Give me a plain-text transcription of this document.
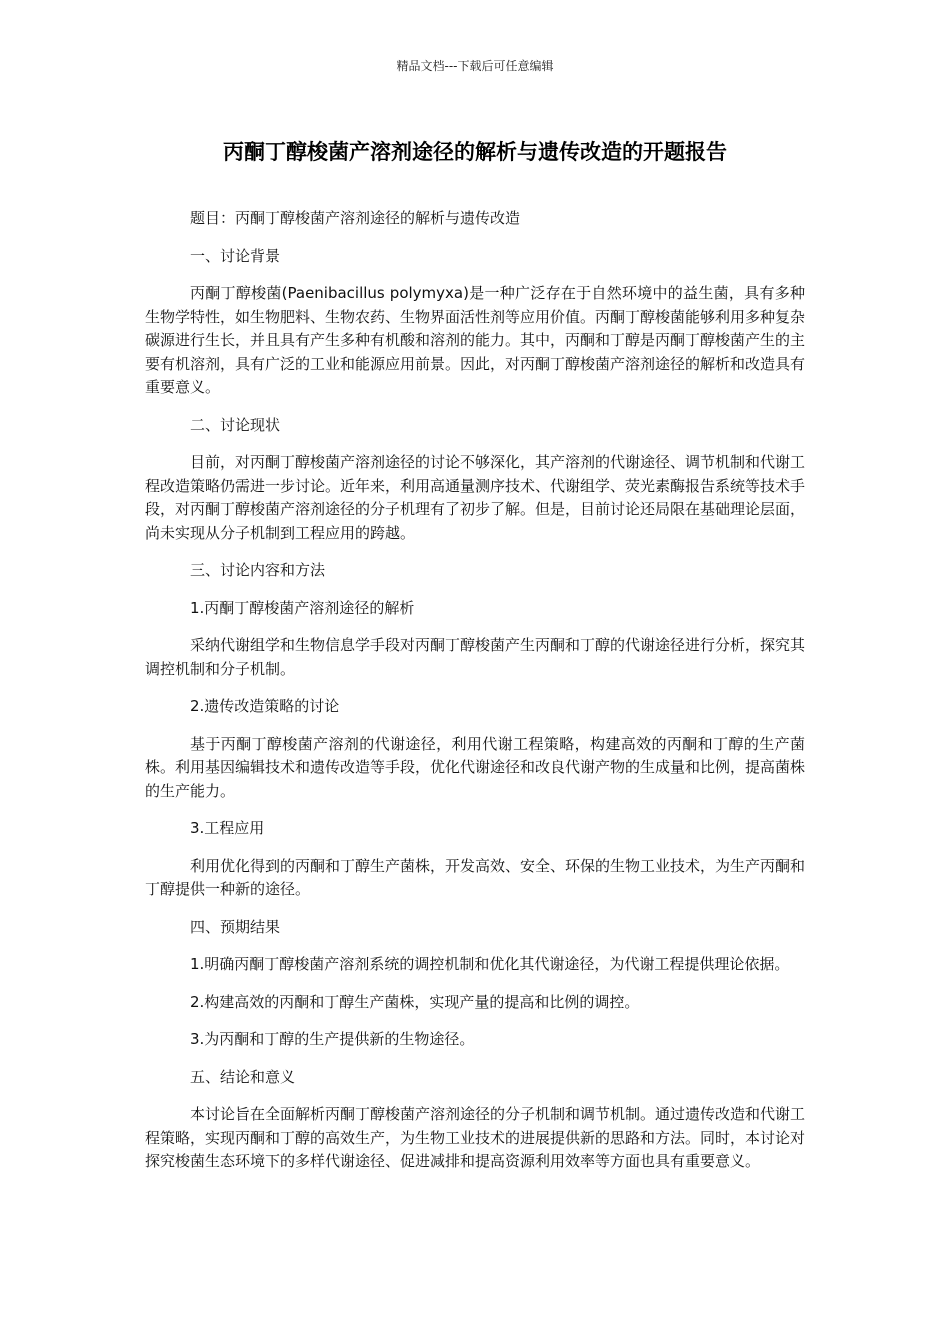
精品文档---下载后可任意编辑
丙酮丁醇梭菌产溶剂途径的解析与遗传改造的开题报告

题目：丙酮丁醇梭菌产溶剂途径的解析与遗传改造

一、讨论背景

丙酮丁醇梭菌(Paenibacillus polymyxa)是一种广泛存在于自然环境中的益生菌，具有多种生物学特性，如生物肥料、生物农药、生物界面活性剂等应用价值。丙酮丁醇梭菌能够利用多种复杂碳源进行生长，并且具有产生多种有机酸和溶剂的能力。其中，丙酮和丁醇是丙酮丁醇梭菌产生的主要有机溶剂，具有广泛的工业和能源应用前景。因此，对丙酮丁醇梭菌产溶剂途径的解析和改造具有重要意义。

二、讨论现状

目前，对丙酮丁醇梭菌产溶剂途径的讨论不够深化，其产溶剂的代谢途径、调节机制和代谢工程改造策略仍需进一步讨论。近年来，利用高通量测序技术、代谢组学、荧光素酶报告系统等技术手段，对丙酮丁醇梭菌产溶剂途径的分子机理有了初步了解。但是，目前讨论还局限在基础理论层面，尚未实现从分子机制到工程应用的跨越。

三、讨论内容和方法

1.丙酮丁醇梭菌产溶剂途径的解析

采纳代谢组学和生物信息学手段对丙酮丁醇梭菌产生丙酮和丁醇的代谢途径进行分析，探究其调控机制和分子机制。

2.遗传改造策略的讨论

基于丙酮丁醇梭菌产溶剂的代谢途径，利用代谢工程策略，构建高效的丙酮和丁醇的生产菌株。利用基因编辑技术和遗传改造等手段，优化代谢途径和改良代谢产物的生成量和比例，提高菌株的生产能力。

3.工程应用

利用优化得到的丙酮和丁醇生产菌株，开发高效、安全、环保的生物工业技术，为生产丙酮和丁醇提供一种新的途径。

四、预期结果

1.明确丙酮丁醇梭菌产溶剂系统的调控机制和优化其代谢途径，为代谢工程提供理论依据。

2.构建高效的丙酮和丁醇生产菌株，实现产量的提高和比例的调控。

3.为丙酮和丁醇的生产提供新的生物途径。

五、结论和意义

本讨论旨在全面解析丙酮丁醇梭菌产溶剂途径的分子机制和调节机制。通过遗传改造和代谢工程策略，实现丙酮和丁醇的高效生产，为生物工业技术的进展提供新的思路和方法。同时，本讨论对探究梭菌生态环境下的多样代谢途径、促进减排和提高资源利用效率等方面也具有重要意义。
